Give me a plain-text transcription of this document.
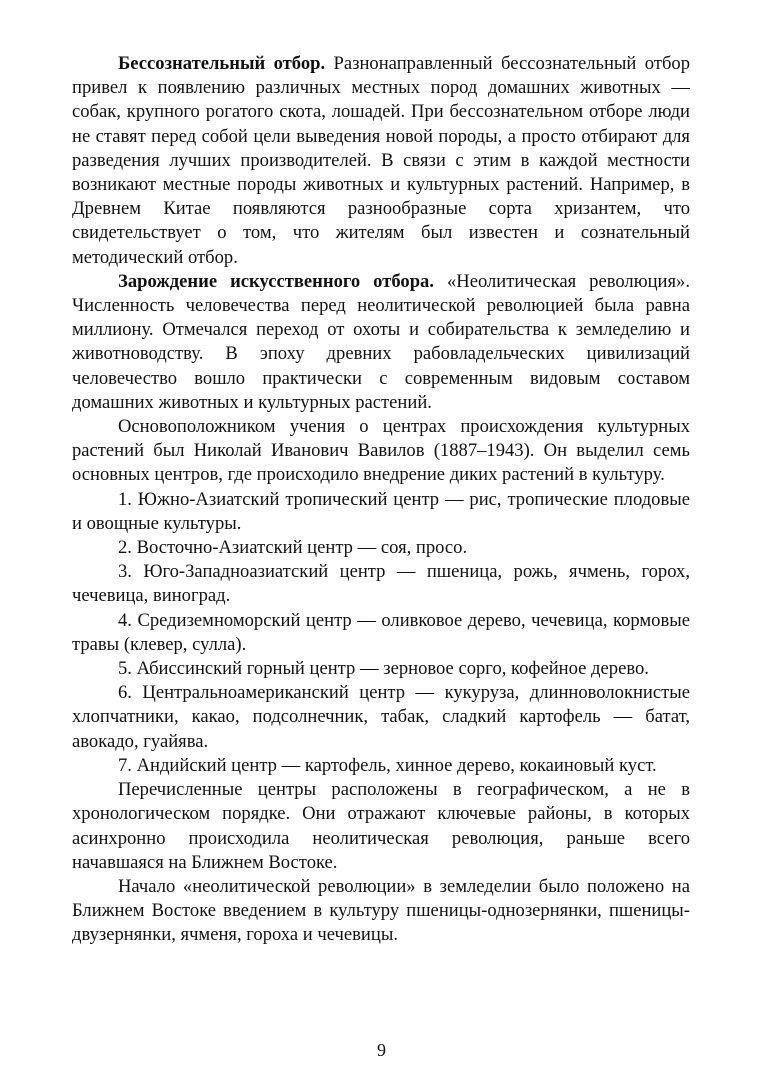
Бессознательный отбор. Разнонаправленный бессознательный отбор привел к появлению различных местных пород домашних животных — собак, крупного рогатого скота, лошадей. При бессознательном отборе люди не ставят перед собой цели выведения новой породы, а просто отбирают для разведения лучших производителей. В связи с этим в каждой местности возникают местные породы животных и культурных растений. Например, в Древнем Китае появляются разнообразные сорта хризантем, что свидетельствует о том, что жителям был известен и сознательный методический отбор.

Зарождение искусственного отбора. «Неолитическая революция». Численность человечества перед неолитической революцией была равна миллиону. Отмечался переход от охоты и собирательства к земледелию и животноводству. В эпоху древних рабовладельческих цивилизаций человечество вошло практически с современным видовым составом домашних животных и культурных растений.

Основоположником учения о центрах происхождения культурных растений был Николай Иванович Вавилов (1887–1943). Он выделил семь основных центров, где происходило внедрение диких растений в культуру.

1. Южно-Азиатский тропический центр — рис, тропические плодовые и овощные культуры.

2. Восточно-Азиатский центр — соя, просо.

3. Юго-Западноазиатский центр — пшеница, рожь, ячмень, горох, чечевица, виноград.

4. Средиземноморский центр — оливковое дерево, чечевица, кормовые травы (клевер, сулла).

5. Абиссинский горный центр — зерновое сорго, кофейное дерево.

6. Центральноамериканский центр — кукуруза, длинноволокнистые хлопчатники, какао, подсолнечник, табак, сладкий картофель — батат, авокадо, гуайява.

7. Андийский центр — картофель, хинное дерево, кокаиновый куст.

Перечисленные центры расположены в географическом, а не в хронологическом порядке. Они отражают ключевые районы, в которых асинхронно происходила неолитическая революция, раньше всего начавшаяся на Ближнем Востоке.

Начало «неолитической революции» в земледелии было положено на Ближнем Востоке введением в культуру пшеницы-однозернянки, пшеницы-двузернянки, ячменя, гороха и чечевицы.

9
